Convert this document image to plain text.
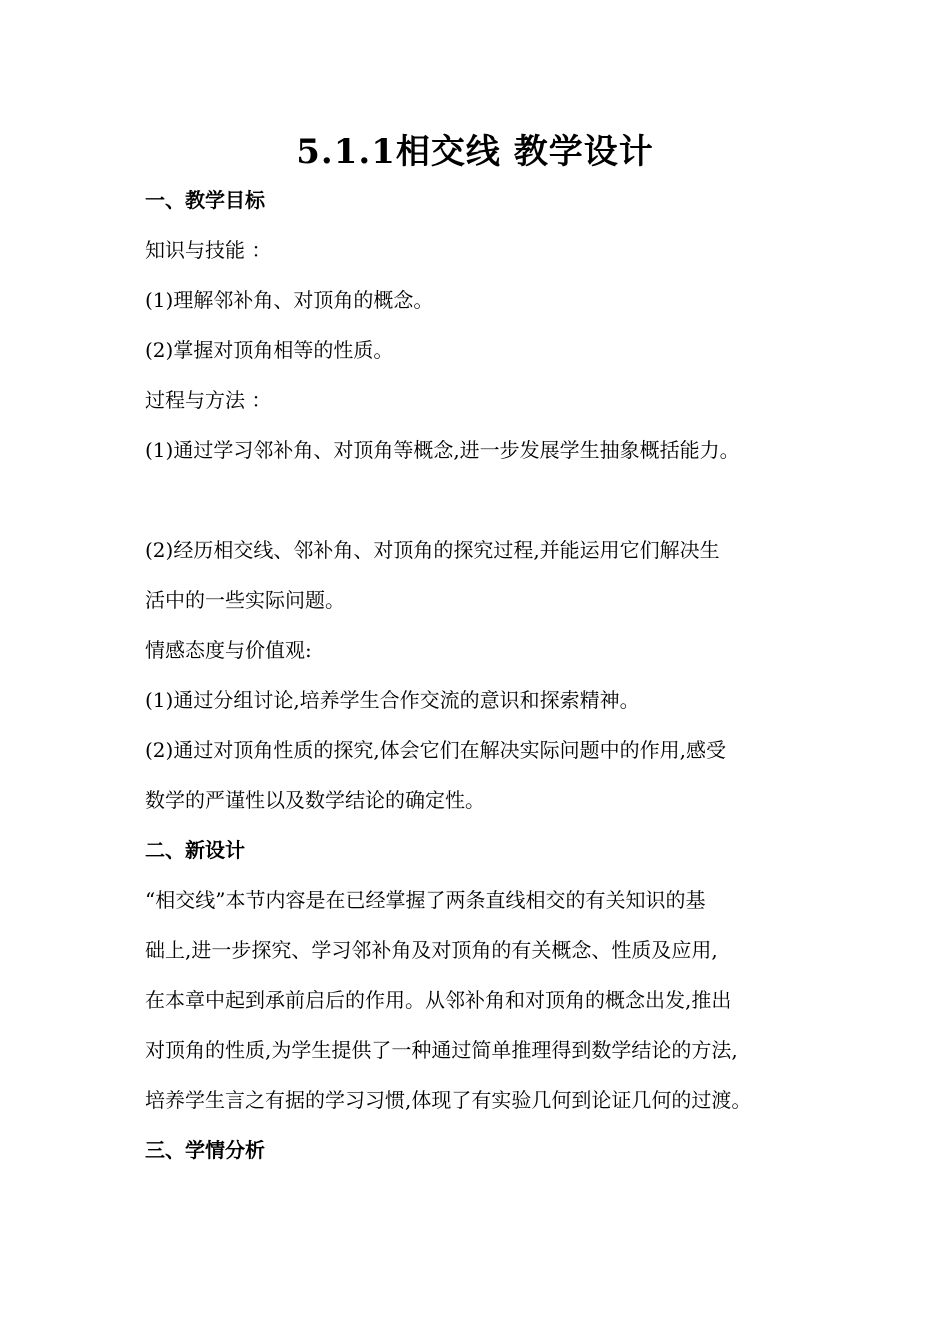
5.1.1相交线 教学设计
一、教学目标
知识与技能 ：
(1)理解邻补角、对顶角的概念。
(2)掌握对顶角相等的性质。
过程与方法 ：
(1)通过学习邻补角、对顶角等概念,进一步发展学生抽象概括能力。
(2)经历相交线、邻补角、对顶角的探究过程,并能运用它们解决生
活中的一些实际问题。
情感态度与价值观:
(1)通过分组讨论,培养学生合作交流的意识和探索精神。
(2)通过对顶角性质的探究,体会它们在解决实际问题中的作用,感受
数学的严谨性以及数学结论的确定性。
二、新设计
“相交线”本节内容是在已经掌握了两条直线相交的有关知识的基
础上,进一步探究、学习邻补角及对顶角的有关概念、性质及应用,
在本章中起到承前启后的作用。从邻补角和对顶角的概念出发,推出
对顶角的性质,为学生提供了一种通过简单推理得到数学结论的方法,
培养学生言之有据的学习习惯,体现了有实验几何到论证几何的过渡。
三、学情分析
